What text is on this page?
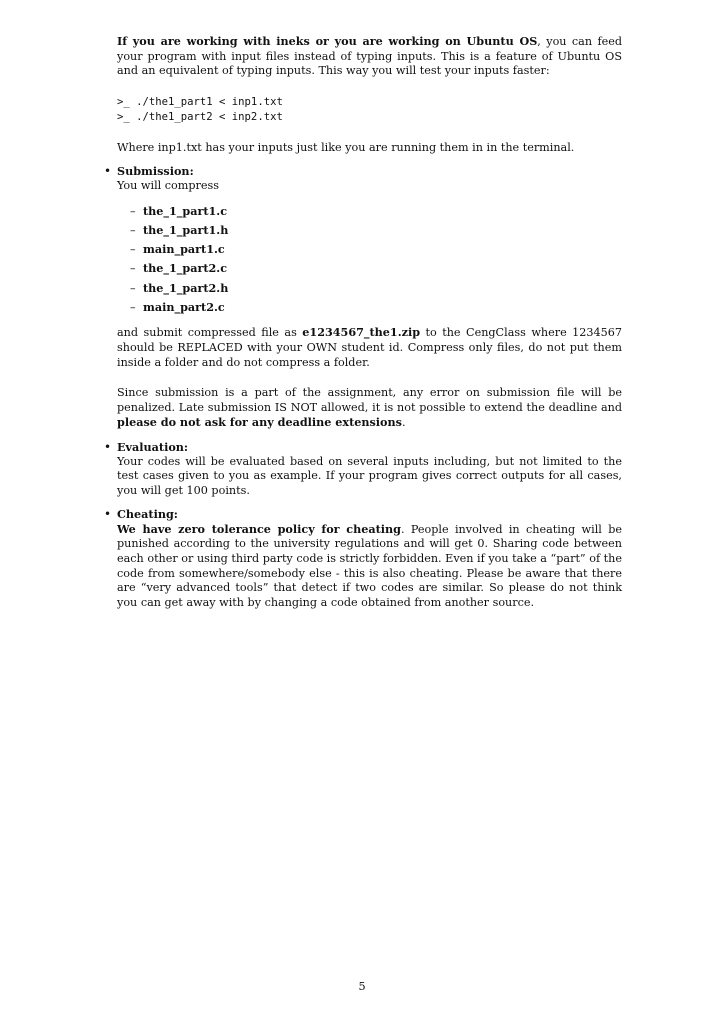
If you are working with ineks or you are working on Ubuntu OS, you can feed your program with input files instead of typing inputs. This is a feature of Ubuntu OS and an equivalent of typing inputs. This way you will test your inputs faster:

>_ ./the1_part1 < inp1.txt
>_ ./the1_part2 < inp2.txt

Where inp1.txt has your inputs just like you are running them in in the terminal.

• Submission:
You will compress
– the_1_part1.c
– the_1_part1.h
– main_part1.c
– the_1_part2.c
– the_1_part2.h
– main_part2.c

and submit compressed file as e1234567_the1.zip to the CengClass where 1234567 should be REPLACED with your OWN student id. Compress only files, do not put them inside a folder and do not compress a folder.

Since submission is a part of the assignment, any error on submission file will be penalized. Late submission IS NOT allowed, it is not possible to extend the deadline and please do not ask for any deadline extensions.

• Evaluation:

Your codes will be evaluated based on several inputs including, but not limited to the test cases given to you as example. If your program gives correct outputs for all cases, you will get 100 points.

• Cheating:

We have zero tolerance policy for cheating. People involved in cheating will be punished according to the university regulations and will get 0. Sharing code between each other or using third party code is strictly forbidden. Even if you take a “part” of the code from somewhere/somebody else - this is also cheating. Please be aware that there are “very advanced tools” that detect if two codes are similar. So please do not think you can get away with by changing a code obtained from another source.

5
